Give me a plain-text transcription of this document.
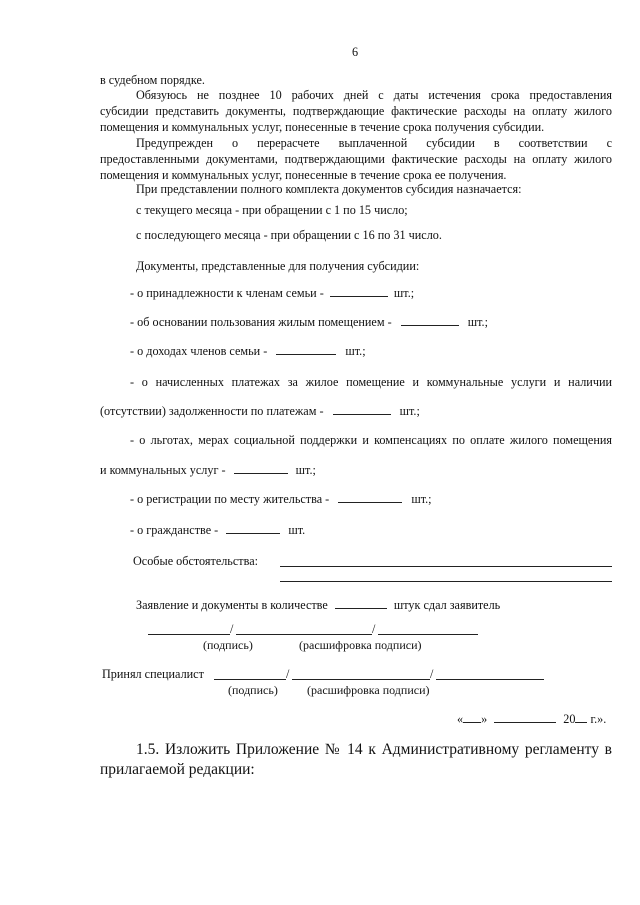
6
в судебном порядке.
Обязуюсь не позднее 10 рабочих дней с даты истечения срока предоставления
субсидии представить документы, подтверждающие фактические расходы на оплату жилого
помещения и коммунальных услуг, понесенные в течение срока получения субсидии.
Предупрежден о перерасчете выплаченной субсидии в соответствии с
предоставленными документами, подтверждающими фактические расходы на оплату жилого
помещения и коммунальных услуг, понесенные в течение срока ее получения.
При представлении полного комплекта документов субсидия назначается:
с текущего месяца - при обращении с 1 по 15 число;
с последующего месяца - при обращении с 16 по 31 число.
Документы, представленные для получения субсидии:
- о принадлежности к членам семьи -	шт.;
- об основании пользования жилым помещением -	шт.;
- о доходах членов семьи -	шт.;
- о начисленных платежах за жилое помещение и коммунальные услуги и наличии
(отсутствии) задолженности по платежам -	шт.;
- о льготах, мерах социальной поддержки и компенсациях по оплате жилого помещения
и коммунальных услуг -	шт.;
- о регистрации по месту жительства -	шт.;
- о гражданстве -	шт.
Особые обстоятельства:
Заявление и документы в количестве	штук сдал заявитель
/	/
(подпись)	(расшифровка подписи)
Принял специалист	/	/
(подпись) (расшифровка подписи)
« »	20 г.».
1.5. Изложить Приложение № 14 к Административному регламенту в
прилагаемой редакции:
